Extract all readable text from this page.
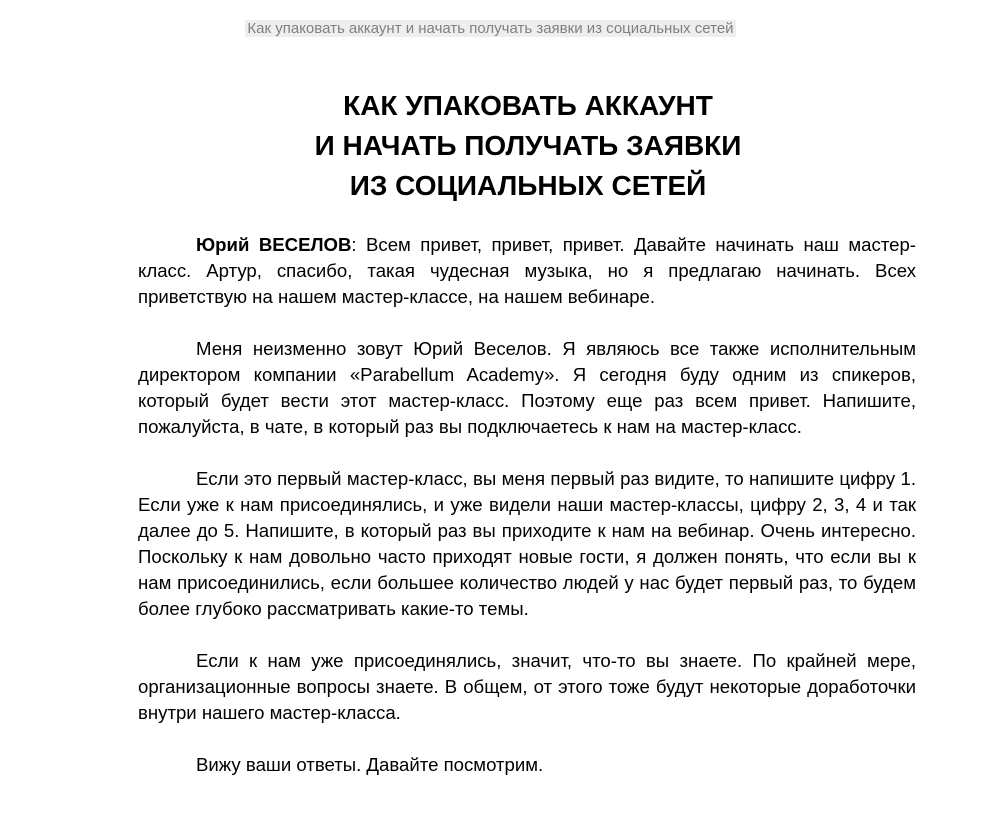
Как упаковать аккаунт и начать получать заявки из социальных сетей
КАК УПАКОВАТЬ АККАУНТ
И НАЧАТЬ ПОЛУЧАТЬ ЗАЯВКИ
ИЗ СОЦИАЛЬНЫХ СЕТЕЙ

Юрий ВЕСЕЛОВ: Всем привет, привет, привет. Давайте начинать наш мастер-класс. Артур, спасибо, такая чудесная музыка, но я предлагаю начинать. Всех приветствую на нашем мастер-классе, на нашем вебинаре.

Меня неизменно зовут Юрий Веселов. Я являюсь все также исполнительным директором компании «Parabellum Academy». Я сегодня буду одним из спикеров, который будет вести этот мастер-класс. Поэтому еще раз всем привет. Напишите, пожалуйста, в чате, в который раз вы подключаетесь к нам на мастер-класс.

Если это первый мастер-класс, вы меня первый раз видите, то напишите цифру 1. Если уже к нам присоединялись, и уже видели наши мастер-классы, цифру 2, 3, 4 и так далее до 5. Напишите, в который раз вы приходите к нам на вебинар. Очень интересно. Поскольку к нам довольно часто приходят новые гости, я должен понять, что если вы к нам присоединились, если большее количество людей у нас будет первый раз, то будем более глубоко рассматривать какие-то темы.

Если к нам уже присоединялись, значит, что-то вы знаете. По крайней мере, организационные вопросы знаете. В общем, от этого тоже будут некоторые доработочки внутри нашего мастер-класса.

Вижу ваши ответы. Давайте посмотрим.
